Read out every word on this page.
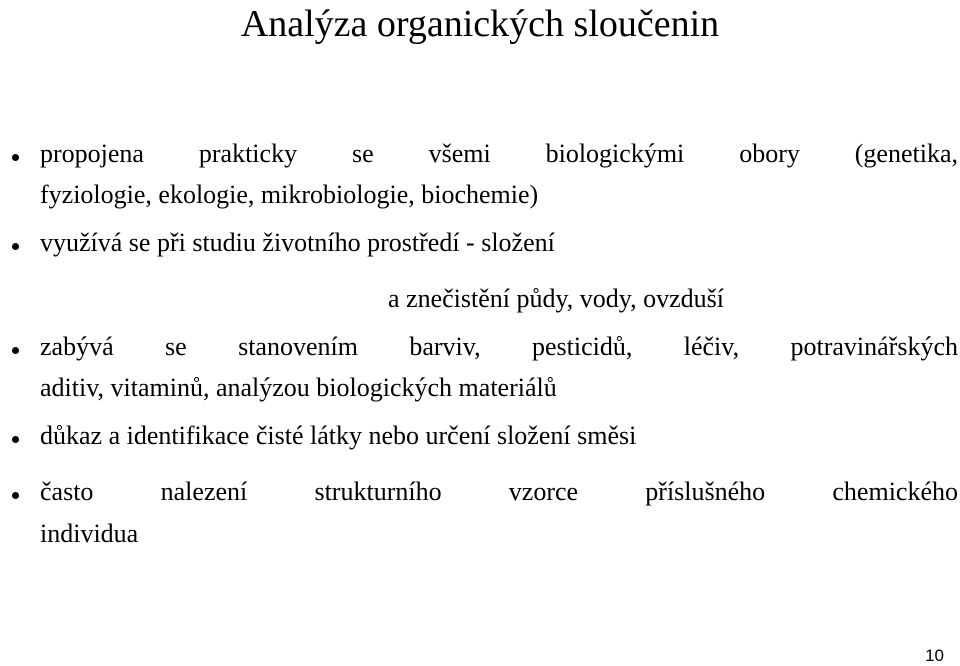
Analýza organických sloučenin
propojena prakticky se všemi biologickými obory (genetika,
fyziologie, ekologie, mikrobiologie, biochemie)
využívá se při studiu životního prostředí - složení
a znečistění půdy, vody, ovzduší
zabývá se stanovením barviv, pesticidů, léčiv, potravinářských
aditiv, vitaminů, analýzou biologických materiálů
důkaz a identifikace čisté látky nebo určení složení směsi
často nalezení strukturního vzorce příslušného chemického
individua
10
